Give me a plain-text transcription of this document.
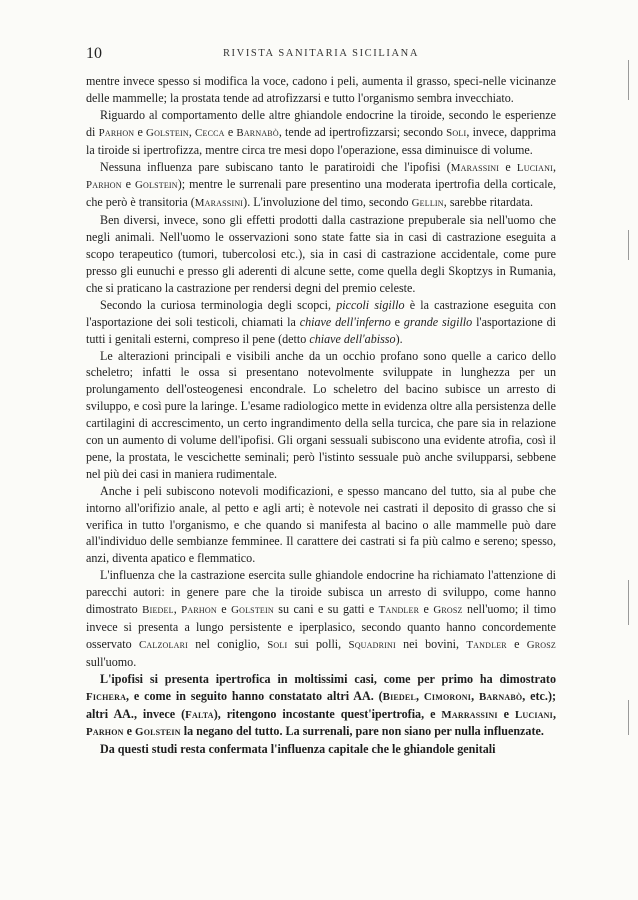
10	RIVISTA SANITARIA SICILIANA

mentre invece spesso si modifica la voce, cadono i peli, aumenta il grasso, speci-nelle vicinanze delle mammelle; la prostata tende ad atrofizzarsi e tutto l'organismo sembra invecchiato.

Riguardo al comportamento delle altre ghiandole endocrine la tiroide, secondo le esperienze di Parhon e Golstein, Cecca e Barnabò, tende ad ipertrofizzarsi; secondo Soli, invece, dapprima la tiroide si ipertrofizza, mentre circa tre mesi dopo l'operazione, essa diminuisce di volume.

Nessuna influenza pare subiscano tanto le paratiroidi che l'ipofisi (Marassini e Luciani, Parhon e Golstein); mentre le surrenali pare presentino una moderata ipertrofia della corticale, che però è transitoria (Marassini). L'involuzione del timo, secondo Gellin, sarebbe ritardata.

Ben diversi, invece, sono gli effetti prodotti dalla castrazione prepuberale sia nell'uomo che negli animali. Nell'uomo le osservazioni sono state fatte sia in casi di castrazione eseguita a scopo terapeutico (tumori, tubercolosi etc.), sia in casi di castrazione accidentale, come pure presso gli eunuchi e presso gli aderenti di alcune sette, come quella degli Skoptzys in Rumania, che si praticano la castrazione per rendersi degni del premio celeste.

Secondo la curiosa terminologia degli scopci, piccoli sigillo è la castrazione eseguita con l'asportazione dei soli testicoli, chiamati la chiave dell'inferno e grande sigillo l'asportazione di tutti i genitali esterni, compreso il pene (detto chiave dell'abisso).

Le alterazioni principali e visibili anche da un occhio profano sono quelle a carico dello scheletro; infatti le ossa si presentano notevolmente sviluppate in lunghezza per un prolungamento dell'osteogenesi encondrale. Lo scheletro del bacino subisce un arresto di sviluppo, e così pure la laringe. L'esame radiologico mette in evidenza oltre alla persistenza delle cartilagini di accrescimento, un certo ingrandimento della sella turcica, che pare sia in relazione con un aumento di volume dell'ipofisi. Gli organi sessuali subiscono una evidente atrofia, così il pene, la prostata, le vescichette seminali; però l'istinto sessuale può anche svilupparsi, sebbene nel più dei casi in maniera rudimentale.

Anche i peli subiscono notevoli modificazioni, e spesso mancano del tutto, sia al pube che intorno all'orifizio anale, al petto e agli arti; è notevole nei castrati il deposito di grasso che si verifica in tutto l'organismo, e che quando si manifesta al bacino o alle mammelle può dare all'individuo delle sembianze femminee. Il carattere dei castrati si fa più calmo e sereno; spesso, anzi, diventa apatico e flemmatico.

L'influenza che la castrazione esercita sulle ghiandole endocrine ha richiamato l'attenzione di parecchi autori: in genere pare che la tiroide subisca un arresto di sviluppo, come hanno dimostrato Biedel, Parhon e Golstein su cani e su gatti e Tandler e Grosz nell'uomo; il timo invece si presenta a lungo persistente e iperplasico, secondo quanto hanno concordemente osservato Calzolari nel coniglio, Soli sui polli, Squadrini nei bovini, Tandler e Grosz sull'uomo.

L'ipofisi si presenta ipertrofica in moltissimi casi, come per primo ha dimostrato Fichera, e come in seguito hanno constatato altri AA. (Biedel, Cimoroni, Barnabò, etc.); altri AA., invece (Falta), ritengono incostante quest'ipertrofia, e Marrassini e Luciani, Parhon e Golstein la negano del tutto. La surrenali, pare non siano per nulla influenzate.

Da questi studi resta confermata l'influenza capitale che le ghiandole genitali
